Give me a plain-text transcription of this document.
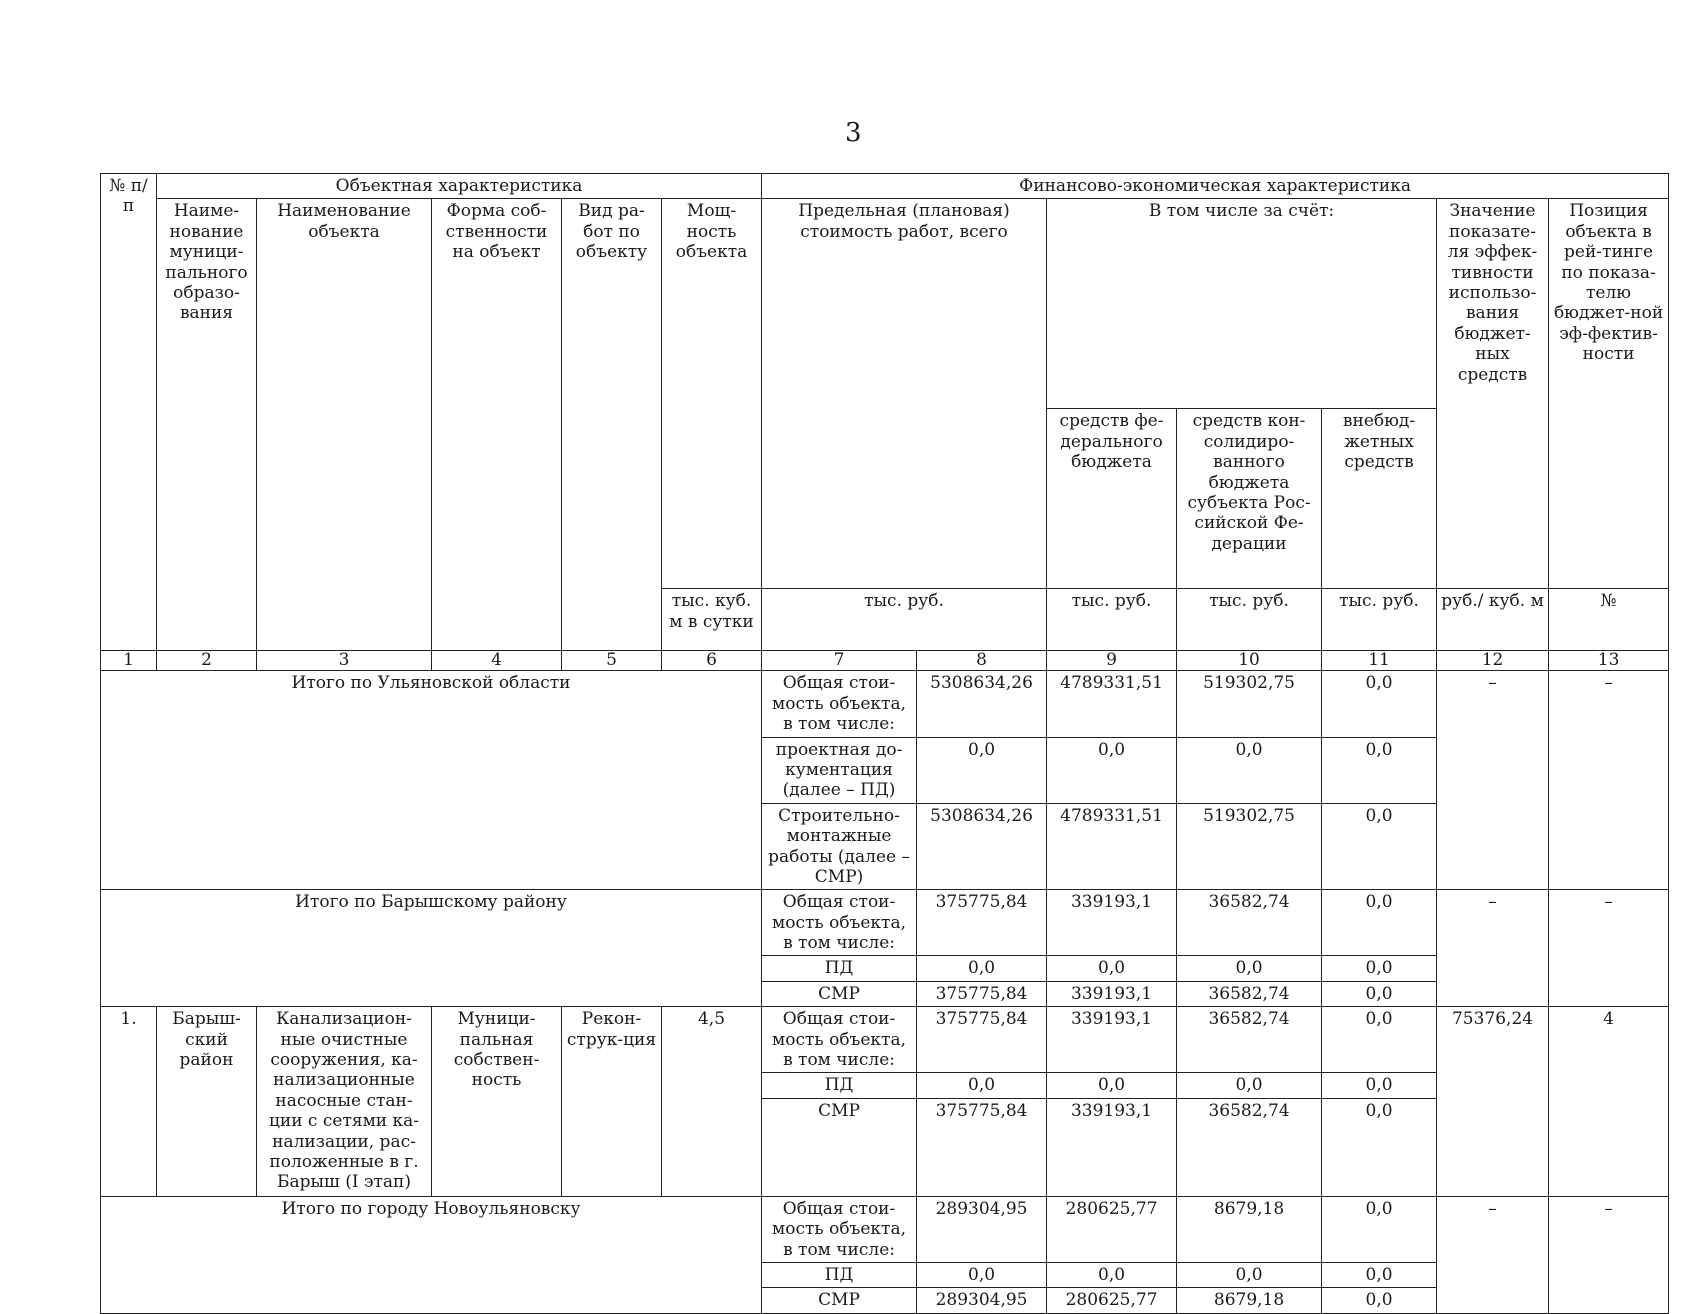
3
№ п/п	Объектная характеристика					Финансово-экономическая характеристика						
	Наиме-нование муници-пального образо-вания	Наименование объекта	Форма соб-ственности на объект	Вид ра-бот по объекту	Мощ-ность объекта	Предельная (плановая) стоимость работ, всего		В том числе за счёт:			Значение показате-ля эффек-тивности использо-вания бюджет-ных средств	Позиция объекта в рей-тинге по показа-телю бюджет-ной эф-фектив-ности
								средств фе-дерального бюджета	средств кон-солидиро-ванного бюджета субъекта Рос-сийской Фе-дерации	внебюд-жетных средств		
					тыс. куб. м в сутки	тыс. руб.		тыс. руб.	тыс. руб.	тыс. руб.	руб./ куб. м	№
1	2	3	4	5	6	7	8	9	10	11	12	13
Итого по Ульяновской области						Общая стои-мость объекта, в том числе:	5308634,26	4789331,51	519302,75	0,0	–	–
						проектная до-кументация (далее – ПД)	0,0	0,0	0,0	0,0		
						Строительно-монтажные работы (далее – СМР)	5308634,26	4789331,51	519302,75	0,0		
Итого по Барышскому району						Общая стои-мость объекта, в том числе:	375775,84	339193,1	36582,74	0,0	–	–
						ПД	0,0	0,0	0,0	0,0		
						СМР	375775,84	339193,1	36582,74	0,0		
1.	Барыш-ский район	Канализацион-ные очистные сооружения, ка-нализационные насосные стан-ции с сетями ка-нализации, рас-положенные в г. Барыш (I этап)	Муници-пальная собствен-ность	Рекон-струк-ция	4,5	Общая стои-мость объекта, в том числе:	375775,84	339193,1	36582,74	0,0	75376,24	4
						ПД	0,0	0,0	0,0	0,0		
						СМР	375775,84	339193,1	36582,74	0,0		
Итого по городу Новоульяновску						Общая стои-мость объекта, в том числе:	289304,95	280625,77	8679,18	0,0	–	–
						ПД	0,0	0,0	0,0	0,0		
						СМР	289304,95	280625,77	8679,18	0,0		
